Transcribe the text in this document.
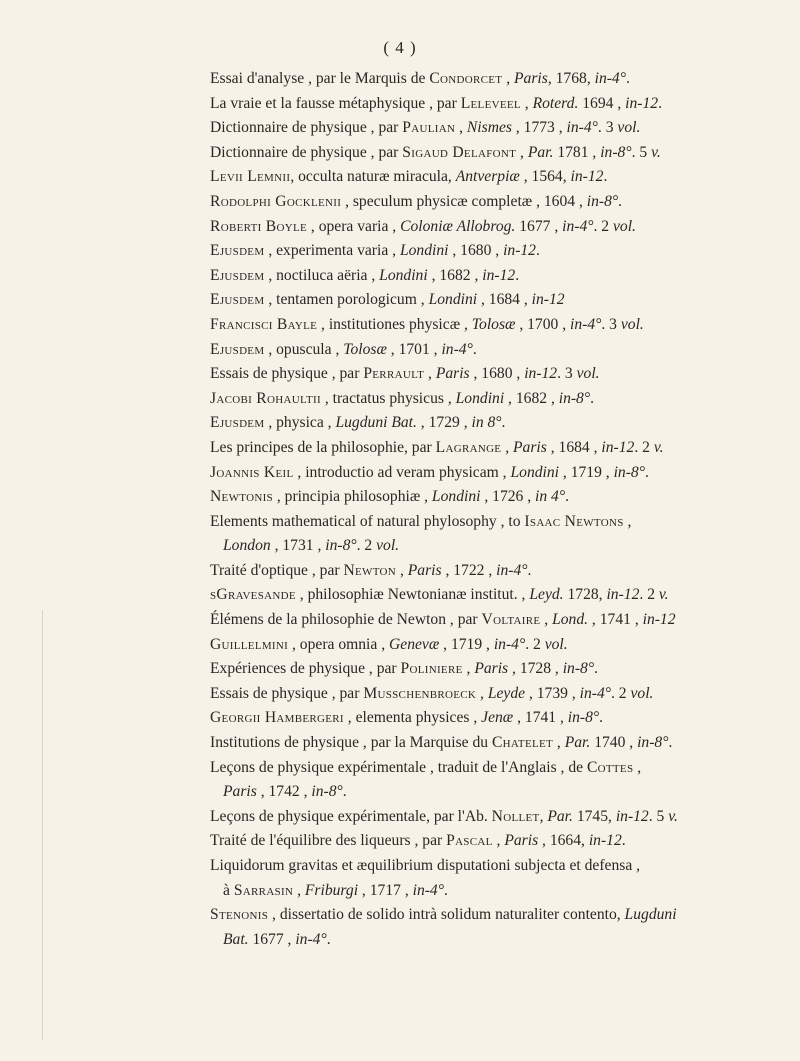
( 4 )
Essai d'analyse , par le Marquis de Condorcet , Paris, 1768, in-4°.
La vraie et la fausse métaphysique , par Leleveel , Roterd. 1694 , in-12.
Dictionnaire de physique , par Paulian , Nismes , 1773 , in-4°. 3 vol.
Dictionnaire de physique , par Sigaud Delafont , Par. 1781 , in-8°. 5 v.
Levii Lemnii, occulta naturæ miracula, Antverpiæ , 1564, in-12.
Rodolphi Gocklenii , speculum physicæ completæ , 1604 , in-8°.
Roberti Boyle , opera varia , Coloniæ Allobrog. 1677 , in-4°. 2 vol.
Ejusdem , experimenta varia , Londini , 1680 , in-12.
Ejusdem , noctiluca aëria , Londini , 1682 , in-12.
Ejusdem , tentamen porologicum , Londini , 1684 , in-12
Francisci Bayle , institutiones physicæ , Tolosæ , 1700 , in-4°. 3 vol.
Ejusdem , opuscula , Tolosæ , 1701 , in-4°.
Essais de physique , par Perrault , Paris , 1680 , in-12. 3 vol.
Jacobi Rohaultii , tractatus physicus , Londini , 1682 , in-8°.
Ejusdem , physica , Lugduni Bat. , 1729 , in 8°.
Les principes de la philosophie, par Lagrange , Paris , 1684 , in-12. 2 v.
Joannis Keil , introductio ad veram physicam , Londini , 1719 , in-8°.
Newtonis , principia philosophiæ , Londini , 1726 , in 4°.
Elements mathematical of natural phylosophy , to Isaac Newtons ,
London , 1731 , in-8°. 2 vol.
Traité d'optique , par Newton , Paris , 1722 , in-4°.
sGravesande , philosophiæ Newtonianæ institut. , Leyd. 1728, in-12. 2 v.
Élémens de la philosophie de Newton , par Voltaire , Lond. , 1741 , in-12
Guillelmini , opera omnia , Genevæ , 1719 , in-4°. 2 vol.
Expériences de physique , par Poliniere , Paris , 1728 , in-8°.
Essais de physique , par Musschenbroeck , Leyde , 1739 , in-4°. 2 vol.
Georgii Hambergeri , elementa physices , Jenæ , 1741 , in-8°.
Institutions de physique , par la Marquise du Chatelet , Par. 1740 , in-8°.
Leçons de physique expérimentale , traduit de l'Anglais , de Cottes ,
Paris , 1742 , in-8°.
Leçons de physique expérimentale, par l'Ab. Nollet, Par. 1745, in-12. 5 v.
Traité de l'équilibre des liqueurs , par Pascal , Paris , 1664, in-12.
Liquidorum gravitas et æquilibrium disputationi subjecta et defensa ,
à Sarrasin , Friburgi , 1717 , in-4°.
Stenonis , dissertatio de solido intrà solidum naturaliter contento, Lugduni
Bat. 1677 , in-4°.
